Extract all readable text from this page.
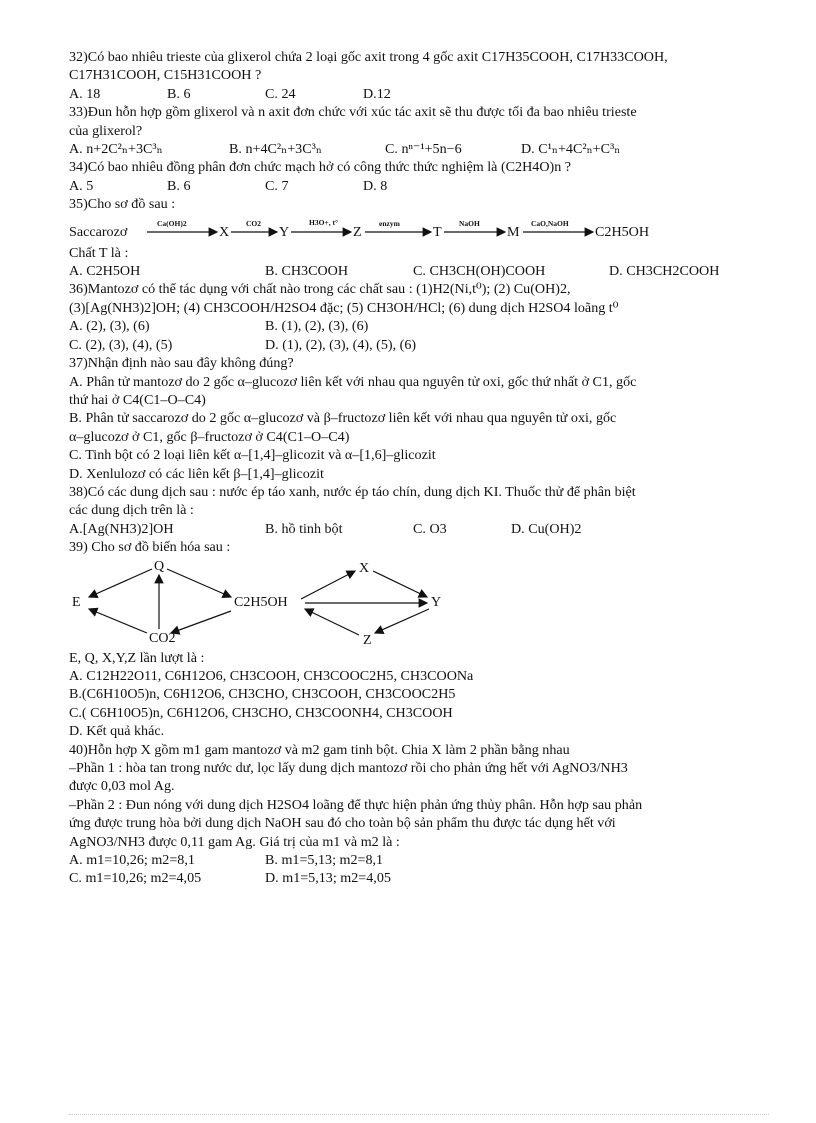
32)Có bao nhiêu trieste của glixerol chứa 2 loại gốc axit trong 4 gốc axit C17H35COOH, C17H33COOH,
C17H31COOH, C15H31COOH ?
A. 18	B. 6	C. 24	D.12
33)Đun hỗn hợp gồm glixerol và n axit đơn chức với xúc tác axit sẽ thu được tối đa bao nhiêu trieste
của glixerol?
A. n+2C²ₙ+3C³ₙ	B. n+4C²ₙ+3C³ₙ	C. nⁿ⁻¹+5n−6	D. C¹ₙ+4C²ₙ+C³ₙ
34)Có bao nhiêu đồng phân đơn chức mạch hở có công thức thức nghiệm là (C2H4O)n ?
A. 5	B. 6	C. 7	D. 8
35)Cho sơ đồ sau :
Saccarozơ
Ca(OH)2
X
CO2
Y
H3O+, t°
Z
enzym
T
NaOH
M
CaO,NaOH
C2H5OH
Chất T là :
A. C2H5OH	B. CH3COOH	C. CH3CH(OH)COOH	D. CH3CH2COOH
36)Mantozơ có thể tác dụng với chất nào trong các chất sau : (1)H2(Ni,t⁰); (2) Cu(OH)2,
(3)[Ag(NH3)2]OH; (4) CH3COOH/H2SO4 đặc; (5) CH3OH/HCl; (6) dung dịch H2SO4 loãng t⁰
A. (2), (3), (6)	B. (1), (2), (3), (6)
C. (2), (3), (4), (5)	D. (1), (2), (3), (4), (5), (6)
37)Nhận định nào sau đây không đúng?
A. Phân tử mantozơ do 2 gốc α–glucozơ liên kết với nhau qua nguyên tử oxi, gốc thứ nhất ở C1, gốc
thứ hai ở C4(C1–O–C4)
B. Phân tử saccarozơ do 2 gốc α–glucozơ và β–fructozơ liên kết với nhau qua nguyên tử oxi, gốc
α–glucozơ ở C1, gốc β–fructozơ ở C4(C1–O–C4)
C. Tinh bột có 2 loại liên kết α–[1,4]–glicozit và α–[1,6]–glicozit
D. Xenlulozơ có các liên kết β–[1,4]–glicozit
38)Có các dung dịch sau : nước ép táo xanh, nước ép táo chín, dung dịch KI. Thuốc thử để phân biệt
các dung dịch trên là :
A.[Ag(NH3)2]OH	B. hồ tinh bột	C. O3	D. Cu(OH)2
39) Cho sơ đồ biến hóa sau :
E
Q
C2H5OH
CO2
X
Y
Z
E, Q, X,Y,Z lần lượt là :
A. C12H22O11, C6H12O6, CH3COOH, CH3COOC2H5, CH3COONa
B.(C6H10O5)n, C6H12O6, CH3CHO, CH3COOH, CH3COOC2H5
C.( C6H10O5)n, C6H12O6, CH3CHO, CH3COONH4, CH3COOH
D. Kết quả khác.
40)Hỗn hợp X gồm m1 gam mantozơ và m2 gam tinh bột. Chia X làm 2 phần bằng nhau
–Phần 1 : hòa tan trong nước dư, lọc lấy dung dịch mantozơ rồi cho phản ứng hết với AgNO3/NH3
được 0,03 mol Ag.
–Phần 2 : Đun nóng với dung dịch H2SO4 loãng để thực hiện phản ứng thủy phân. Hỗn hợp sau phản
ứng được trung hòa bởi dung dịch NaOH sau đó cho toàn bộ sản phẩm thu được tác dụng hết với
AgNO3/NH3 được 0,11 gam Ag. Giá trị của m1 và m2 là :
A. m1=10,26; m2=8,1	B. m1=5,13; m2=8,1
C. m1=10,26; m2=4,05	D. m1=5,13; m2=4,05
